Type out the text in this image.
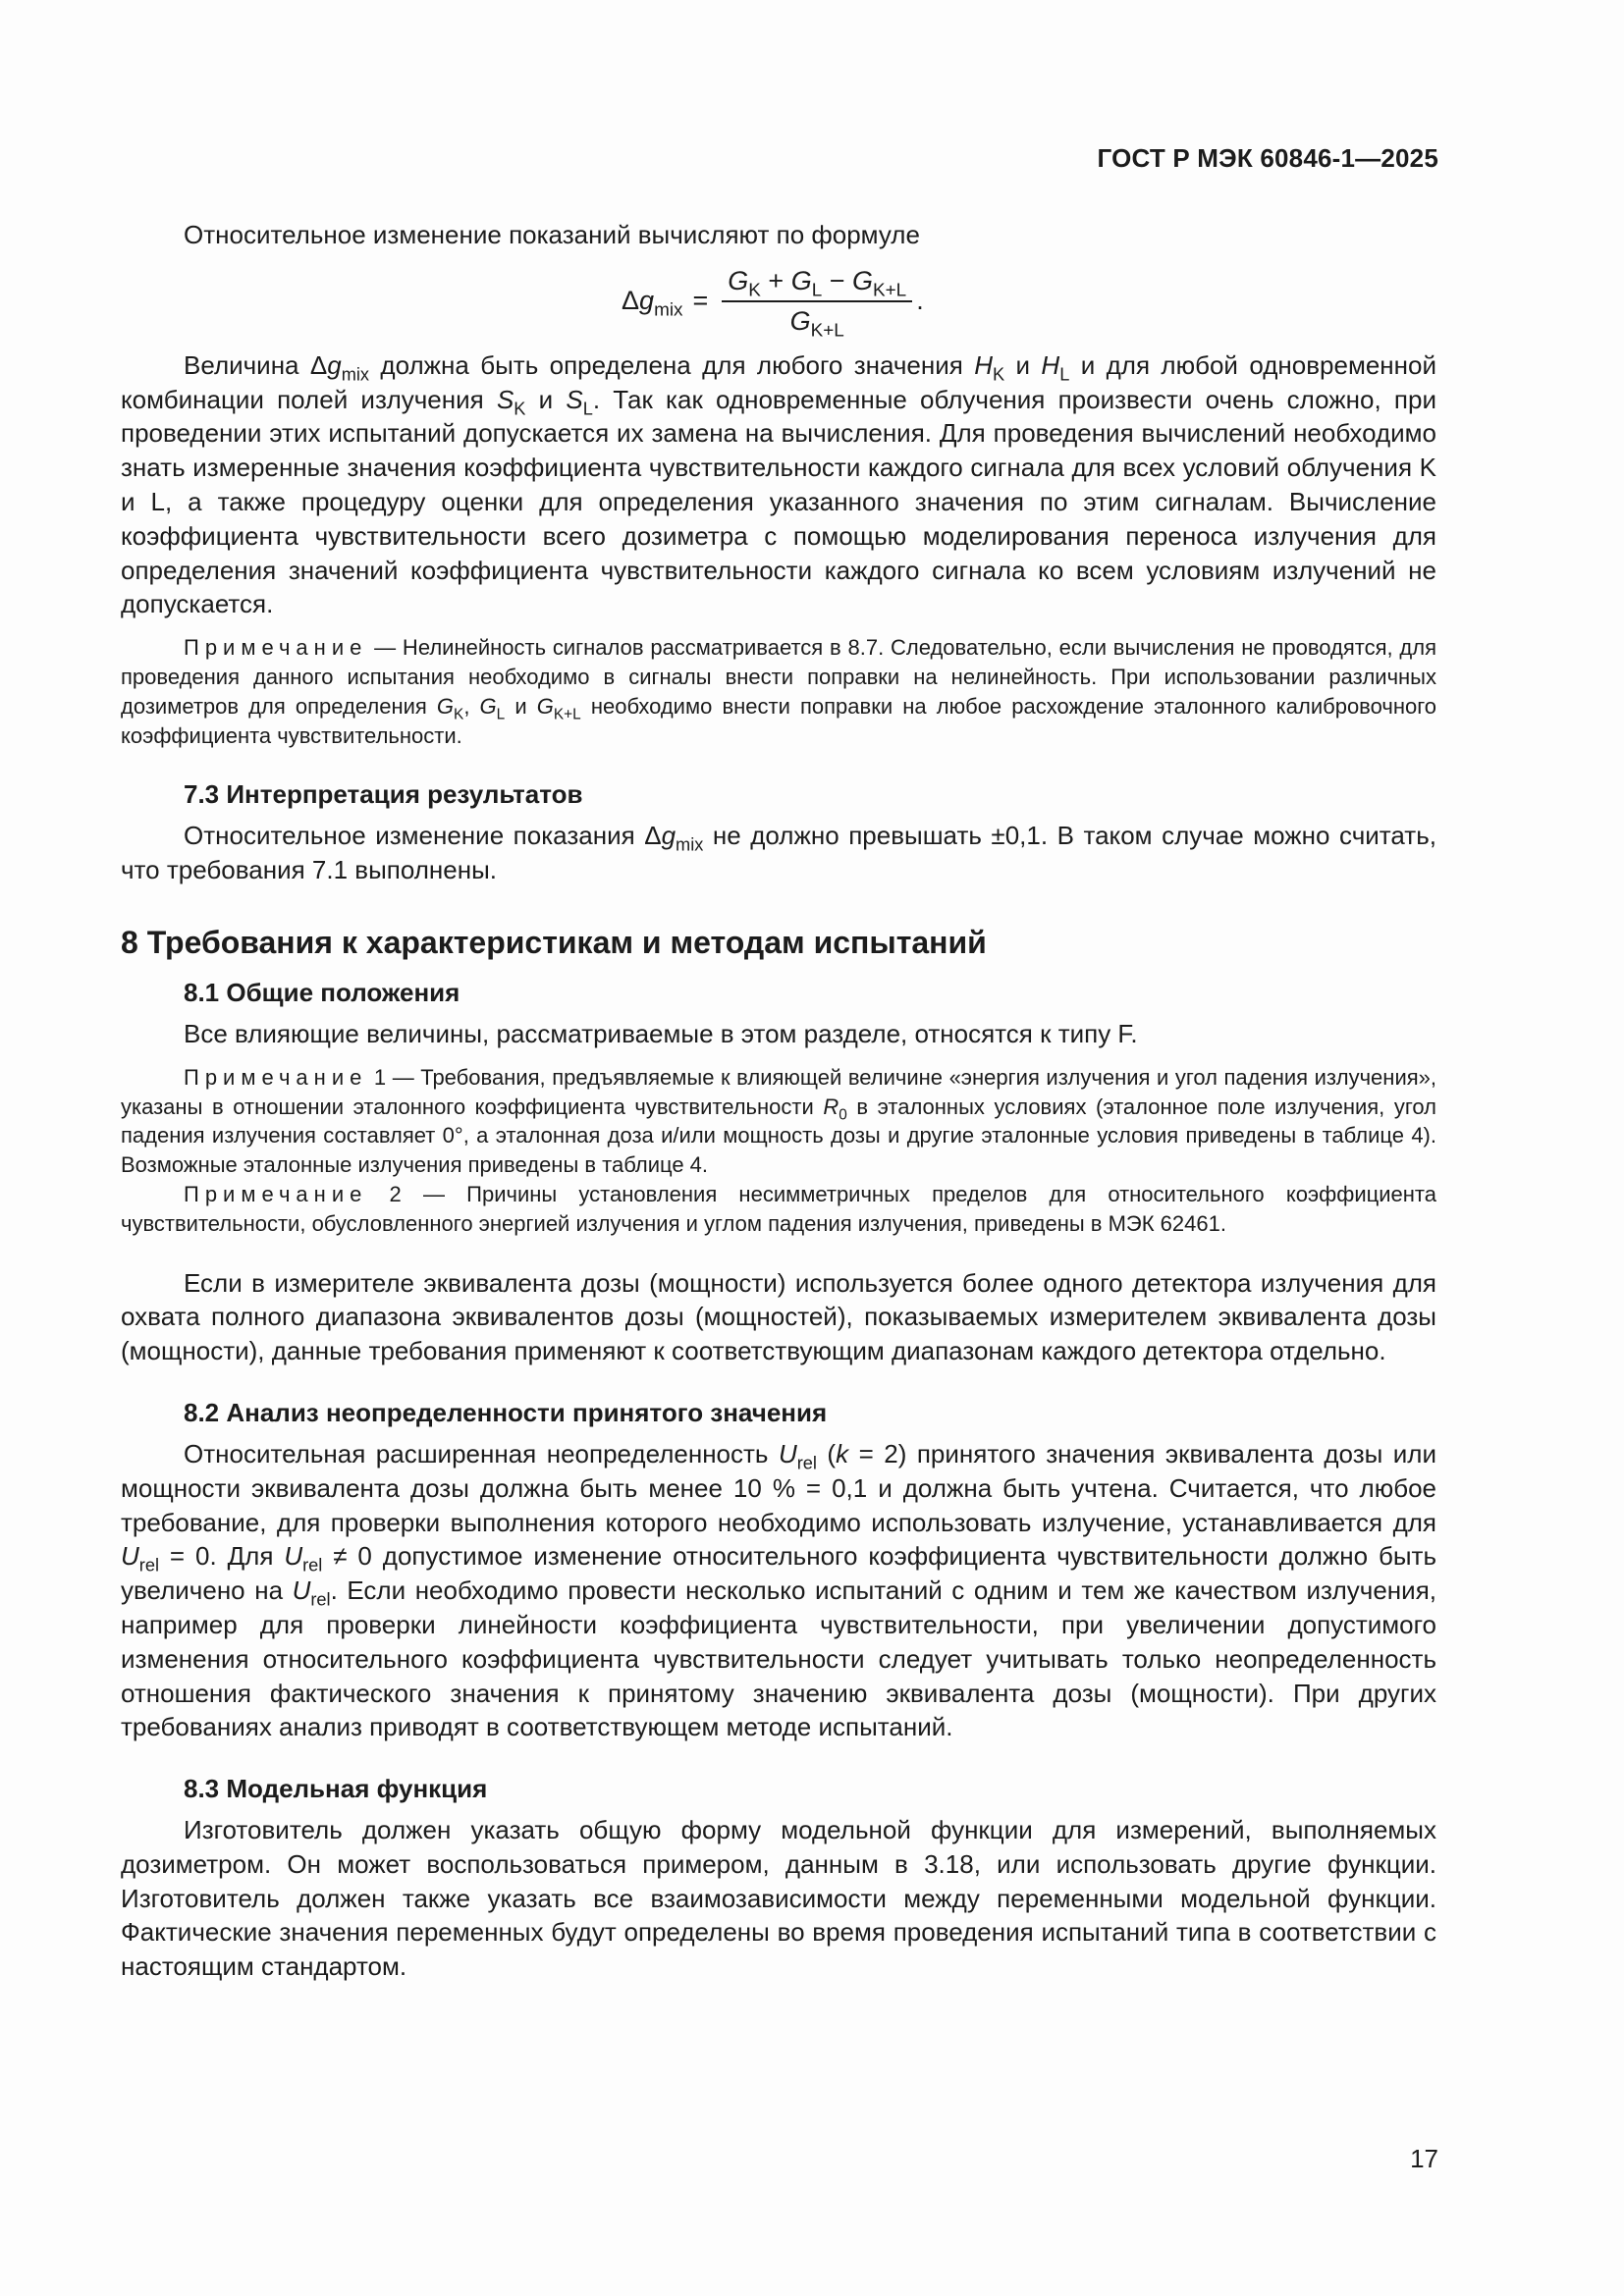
ГОСТ Р МЭК 60846-1—2025

Относительное изменение показаний вычисляют по формуле

$\Delta g_{mix} = \frac{G_K + G_L - G_{K+L}}{G_{K+L}}$ .

Величина $\Delta g_{mix}$ должна быть определена для любого значения $H_K$ и $H_L$ и для любой одновременной комбинации полей излучения $S_K$ и $S_L$. Так как одновременные облучения произвести очень сложно, при проведении этих испытаний допускается их замена на вычисления. Для проведения вычислений необходимо знать измеренные значения коэффициента чувствительности каждого сигнала для всех условий облучения K и L, а также процедуру оценки для определения указанного значения по этим сигналам. Вычисление коэффициента чувствительности всего дозиметра с помощью моделирования переноса излучения для определения значений коэффициента чувствительности каждого сигнала ко всем условиям излучений не допускается.

Примечание — Нелинейность сигналов рассматривается в 8.7. Следовательно, если вычисления не проводятся, для проведения данного испытания необходимо в сигналы внести поправки на нелинейность. При использовании различных дозиметров для определения $G_K$, $G_L$ и $G_{K+L}$ необходимо внести поправки на любое расхождение эталонного калибровочного коэффициента чувствительности.

7.3 Интерпретация результатов

Относительное изменение показания $\Delta g_{mix}$ не должно превышать ±0,1. В таком случае можно считать, что требования 7.1 выполнены.

8 Требования к характеристикам и методам испытаний
8.1 Общие положения

Все влияющие величины, рассматриваемые в этом разделе, относятся к типу F.

Примечание 1 — Требования, предъявляемые к влияющей величине «энергия излучения и угол падения излучения», указаны в отношении эталонного коэффициента чувствительности $R_0$ в эталонных условиях (эталонное поле излучения, угол падения излучения составляет 0°, а эталонная доза и/или мощность дозы и другие эталонные условия приведены в таблице 4). Возможные эталонные излучения приведены в таблице 4.

Примечание 2 — Причины установления несимметричных пределов для относительного коэффициента чувствительности, обусловленного энергией излучения и углом падения излучения, приведены в МЭК 62461.

Если в измерителе эквивалента дозы (мощности) используется более одного детектора излучения для охвата полного диапазона эквивалентов дозы (мощностей), показываемых измерителем эквивалента дозы (мощности), данные требования применяют к соответствующим диапазонам каждого детектора отдельно.

8.2 Анализ неопределенности принятого значения

Относительная расширенная неопределенность $U_{rel}$ (k = 2) принятого значения эквивалента дозы или мощности эквивалента дозы должна быть менее 10 % = 0,1 и должна быть учтена. Считается, что любое требование, для проверки выполнения которого необходимо использовать излучение, устанавливается для $U_{rel} = 0$. Для $U_{rel} \ne 0$ допустимое изменение относительного коэффициента чувствительности должно быть увеличено на $U_{rel}$. Если необходимо провести несколько испытаний с одним и тем же качеством излучения, например для проверки линейности коэффициента чувствительности, при увеличении допустимого изменения относительного коэффициента чувствительности следует учитывать только неопределенность отношения фактического значения к принятому значению эквивалента дозы (мощности). При других требованиях анализ приводят в соответствующем методе испытаний.

8.3 Модельная функция

Изготовитель должен указать общую форму модельной функции для измерений, выполняемых дозиметром. Он может воспользоваться примером, данным в 3.18, или использовать другие функции. Изготовитель должен также указать все взаимозависимости между переменными модельной функции. Фактические значения переменных будут определены во время проведения испытаний типа в соответствии с настоящим стандартом.

17
